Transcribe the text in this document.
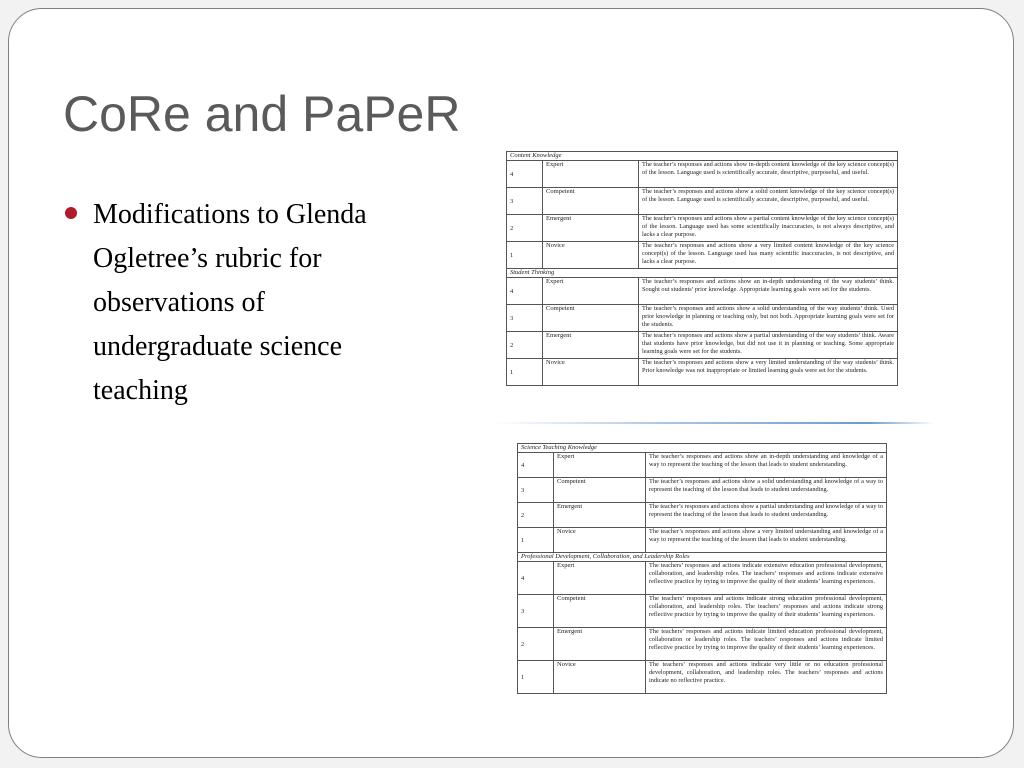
CoRe and PaPeR
Modifications to Glenda Ogletree’s rubric for observations of undergraduate science teaching
Content Knowledge		
4	Expert	The teacher’s responses and actions show in-depth content knowledge of the key science concept(s) of the lesson. Language used is scientifically accurate, descriptive, purposeful, and useful.
3	Competent	The teacher’s responses and actions show a solid content knowledge of the key science concept(s) of the lesson. Language used is scientifically accurate, descriptive, purposeful, and useful.
2	Emergent	The teacher’s responses and actions show a partial content knowledge of the key science concept(s) of the lesson. Language used has some scientifically inaccuracies, is not always descriptive, and lacks a clear purpose.
1	Novice	The teacher’s responses and actions show a very limited content knowledge of the key science concept(s) of the lesson. Language used has many scientific inaccuracies, is not descriptive, and lacks a clear purpose.
Student Thinking		
4	Expert	The teacher’s responses and actions show an in-depth understanding of the way students’ think. Sought out students’ prior knowledge. Appropriate learning goals were set for the students.
3	Competent	The teacher’s responses and actions show a solid understanding of the way students’ think. Used prior knowledge in planning or teaching only, but not both. Appropriate learning goals were set for the students.
2	Emergent	The teacher’s responses and actions show a partial understanding of the way students’ think. Aware that students have prior knowledge, but did not use it in planning or teaching. Some appropriate learning goals were set for the students.
1	Novice	The teacher’s responses and actions show a very limited understanding of the way students’ think. Prior knowledge was not inappropriate or limited learning goals were set for the students.
Science Teaching Knowledge		
4	Expert	The teacher’s responses and actions show an in-depth understanding and knowledge of a way to represent the teaching of the lesson that leads to student understanding.
3	Competent	The teacher’s responses and actions show a solid understanding and knowledge of a way to represent the teaching of the lesson that leads to student understanding.
2	Emergent	The teacher’s responses and actions show a partial understanding and knowledge of a way to represent the teaching of the lesson that leads to student understanding.
1	Novice	The teacher’s responses and actions show a very limited understanding and knowledge of a way to represent the teaching of the lesson that leads to student understanding.
Professional Development, Collaboration, and Leadership Roles		
4	Expert	The teachers’ responses and actions indicate extensive education professional development, collaboration, and leadership roles. The teachers’ responses and actions indicate extensive reflective practice by trying to improve the quality of their students’ learning experiences.
3	Competent	The teachers’ responses and actions indicate strong education professional development, collaboration, and leadership roles. The teachers’ responses and actions indicate strong reflective practice by trying to improve the quality of their students’ learning experiences.
2	Emergent	The teachers’ responses and actions indicate limited education professional development, collaboration or leadership roles. The teachers’ responses and actions indicate limited reflective practice by trying to improve the quality of their students’ learning experiences.
1	Novice	The teachers’ responses and actions indicate very little or no education professional development, collaboration, and leadership roles. The teachers’ responses and actions indicate no reflective practice.
